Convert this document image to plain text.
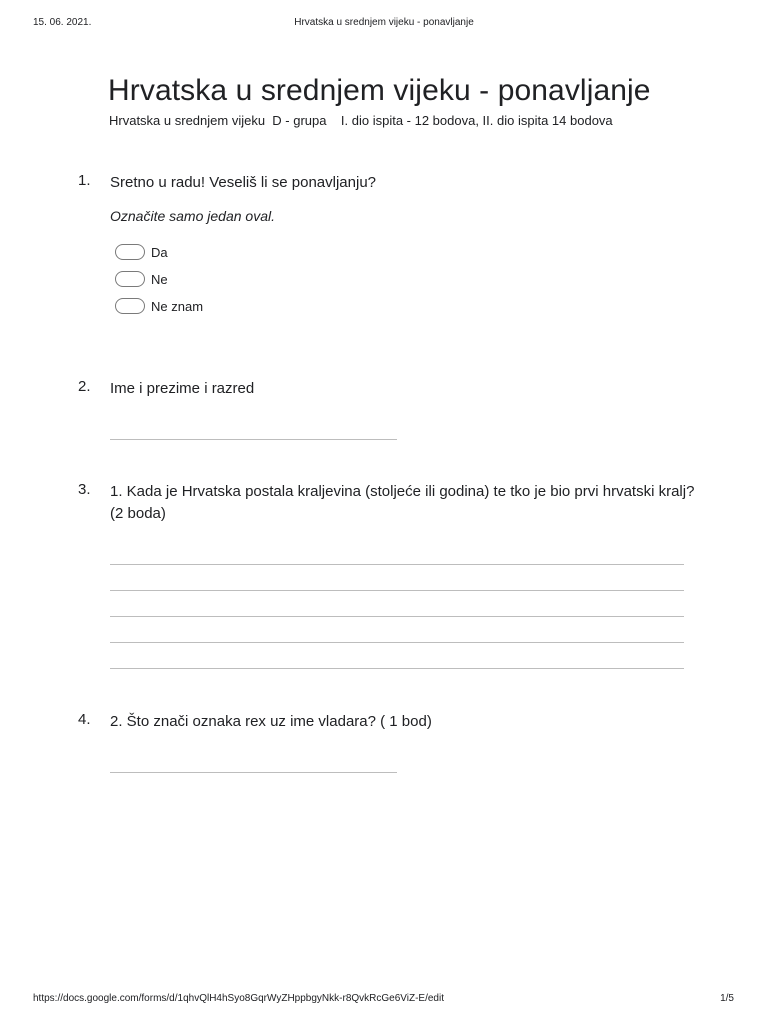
15. 06. 2021.	Hrvatska u srednjem vijeku - ponavljanje
Hrvatska u srednjem vijeku - ponavljanje

Hrvatska u srednjem vijeku  D - grupa    I. dio ispita - 12 bodova, II. dio ispita 14 bodova

1. Sretno u radu! Veseliš li se ponavljanju?

Označite samo jedan oval.
Da
Ne
Ne znam
2. Ime i prezime i razred

3. 1. Kada je Hrvatska postala kraljevina (stoljeće ili godina) te tko je bio prvi hrvatski kralj? (2 boda)

4. 2. Što znači oznaka rex uz ime vladara? ( 1 bod)

https://docs.google.com/forms/d/1qhvQlH4hSyo8GqrWyZHppbgyNkk-r8QvkRcGe6ViZ-E/edit	1/5
